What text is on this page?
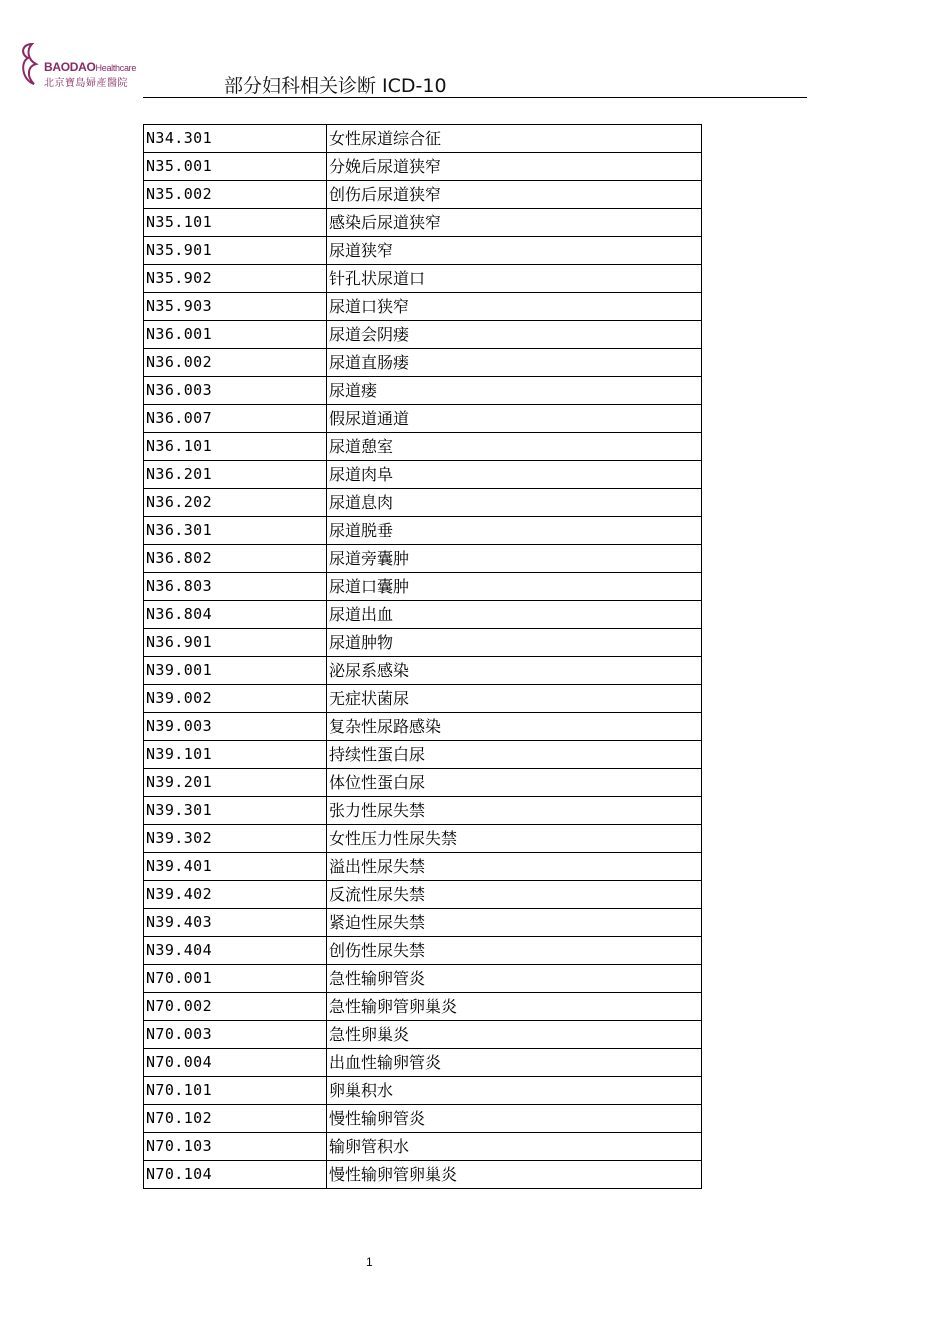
BAODAOHealthcare
北京寶島婦產醫院	部分妇科相关诊断 ICD-10
N34.301	女性尿道综合征
N35.001	分娩后尿道狭窄
N35.002	创伤后尿道狭窄
N35.101	感染后尿道狭窄
N35.901	尿道狭窄
N35.902	针孔状尿道口
N35.903	尿道口狭窄
N36.001	尿道会阴瘘
N36.002	尿道直肠瘘
N36.003	尿道瘘
N36.007	假尿道通道
N36.101	尿道憩室
N36.201	尿道肉阜
N36.202	尿道息肉
N36.301	尿道脱垂
N36.802	尿道旁囊肿
N36.803	尿道口囊肿
N36.804	尿道出血
N36.901	尿道肿物
N39.001	泌尿系感染
N39.002	无症状菌尿
N39.003	复杂性尿路感染
N39.101	持续性蛋白尿
N39.201	体位性蛋白尿
N39.301	张力性尿失禁
N39.302	女性压力性尿失禁
N39.401	溢出性尿失禁
N39.402	反流性尿失禁
N39.403	紧迫性尿失禁
N39.404	创伤性尿失禁
N70.001	急性输卵管炎
N70.002	急性输卵管卵巢炎
N70.003	急性卵巢炎
N70.004	出血性输卵管炎
N70.101	卵巢积水
N70.102	慢性输卵管炎
N70.103	输卵管积水
N70.104	慢性输卵管卵巢炎
1
